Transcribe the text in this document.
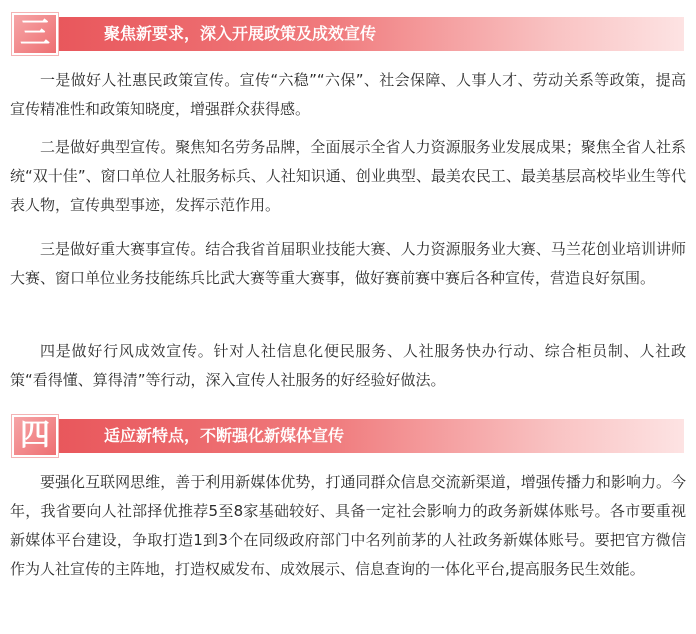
聚焦新要求，深入开展政策及成效宣传
三

一是做好人社惠民政策宣传。宣传“六稳”“六保”、社会保障、人事人才、劳动关系等政策，提高宣传精准性和政策知晓度，增强群众获得感。

二是做好典型宣传。聚焦知名劳务品牌，全面展示全省人力资源服务业发展成果；聚焦全省人社系统“双十佳”、窗口单位人社服务标兵、人社知识通、创业典型、最美农民工、最美基层高校毕业生等代表人物，宣传典型事迹，发挥示范作用。

三是做好重大赛事宣传。结合我省首届职业技能大赛、人力资源服务业大赛、马兰花创业培训讲师大赛、窗口单位业务技能练兵比武大赛等重大赛事，做好赛前赛中赛后各种宣传，营造良好氛围。

四是做好行风成效宣传。针对人社信息化便民服务、人社服务快办行动、综合柜员制、人社政策“看得懂、算得清”等行动，深入宣传人社服务的好经验好做法。

适应新特点，不断强化新媒体宣传
四

要强化互联网思维，善于利用新媒体优势，打通同群众信息交流新渠道，增强传播力和影响力。今年，我省要向人社部择优推荐5至8家基础较好、具备一定社会影响力的政务新媒体账号。各市要重视新媒体平台建设，争取打造1到3个在同级政府部门中名列前茅的人社政务新媒体账号。要把官方微信作为人社宣传的主阵地，打造权威发布、成效展示、信息查询的一体化平台,提高服务民生效能。
